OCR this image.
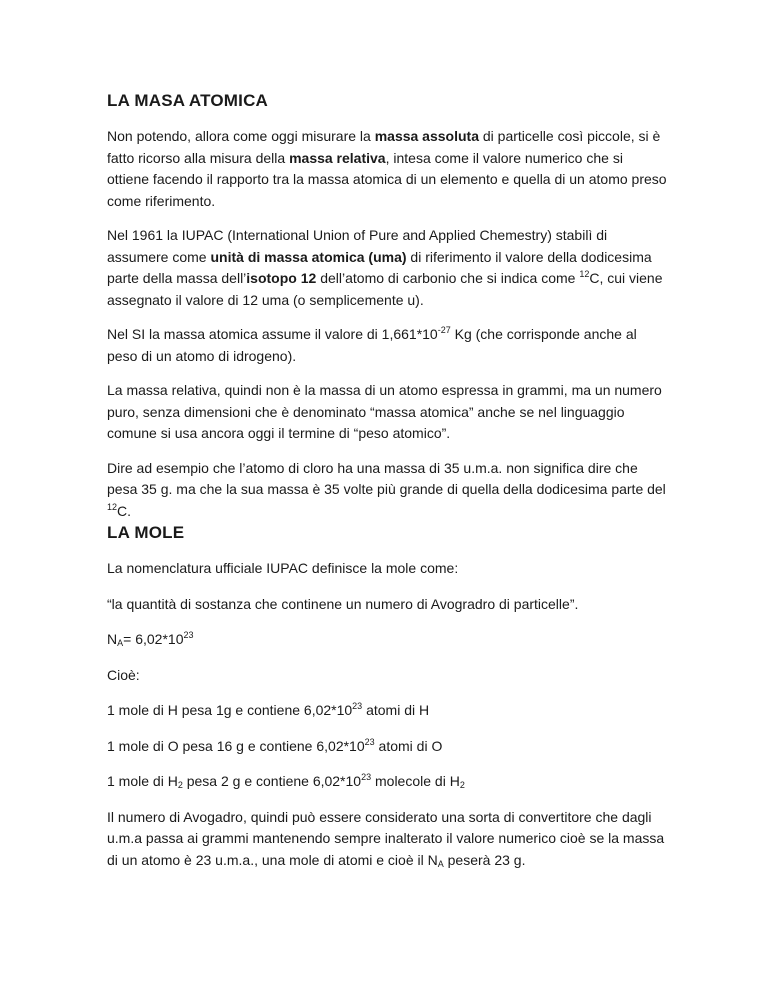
LA MASA ATOMICA

Non potendo, allora come oggi misurare la massa assoluta di particelle così piccole, si è fatto ricorso alla misura della massa relativa, intesa come il valore numerico che si ottiene facendo il rapporto tra la massa atomica di un elemento e quella di un atomo preso come riferimento.

Nel 1961 la IUPAC (International Union of Pure and Applied Chemestry) stabilì di assumere come unità di massa atomica (uma) di riferimento il valore della dodicesima parte della massa dell’isotopo 12 dell’atomo di carbonio che si indica come $^{12}$C, cui viene assegnato il valore di 12 uma (o semplicemente u).

Nel SI la massa atomica assume il valore di $1,661*10^{-27}$ Kg (che corrisponde anche al peso di un atomo di idrogeno).

La massa relativa, quindi non è la massa di un atomo espressa in grammi, ma un numero puro, senza dimensioni che è denominato “massa atomica” anche se nel linguaggio comune si usa ancora oggi il termine di “peso atomico”.

Dire ad esempio che l’atomo di cloro ha una massa di 35 u.m.a. non significa dire che pesa 35 g. ma che la sua massa è 35 volte più grande di quella della dodicesima parte del $^{12}$C.

LA MOLE

La nomenclatura ufficiale IUPAC definisce la mole come:

“la quantità di sostanza che continene un numero di Avogradro di particelle”.

$N_A= 6,02*10^{23}$

Cioè:

1 mole di H pesa 1g e contiene $6,02*10^{23}$ atomi di H

1 mole di O pesa 16 g e contiene $6,02*10^{23}$ atomi di O

1 mole di $H_2$ pesa 2 g e contiene $6,02*10^{23}$ molecole di $H_2$

Il numero di Avogadro, quindi può essere considerato una sorta di convertitore che dagli u.m.a passa ai grammi mantenendo sempre inalterato il valore numerico cioè se la massa di un atomo è 23 u.m.a., una mole di atomi e cioè il $N_A$ peserà 23 g.
